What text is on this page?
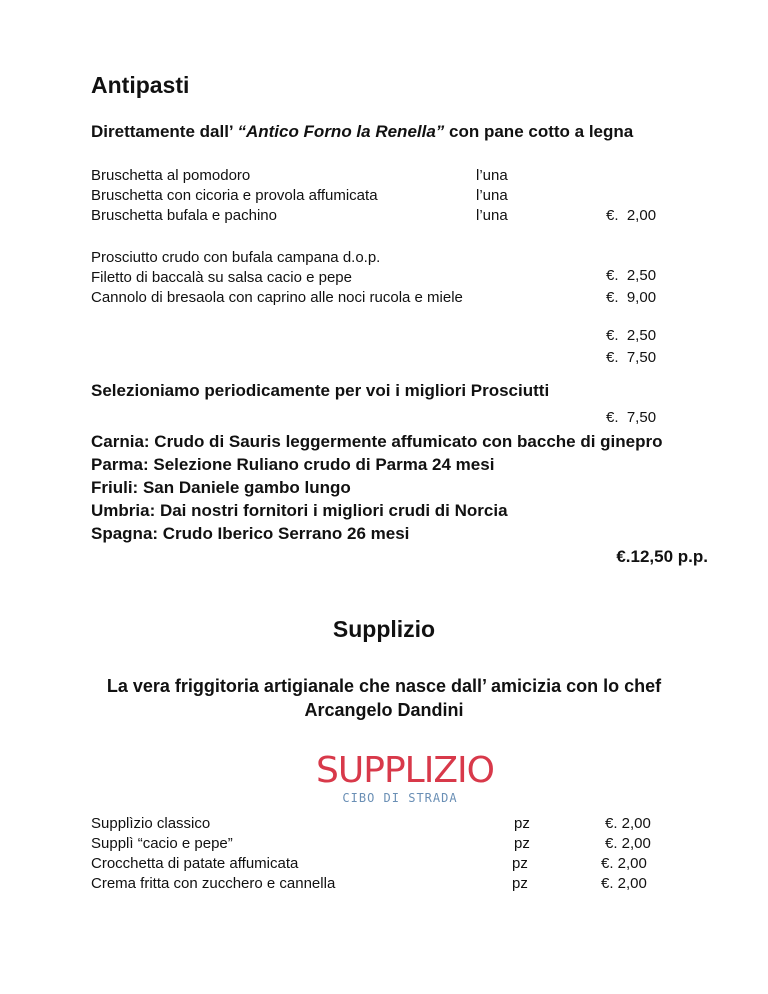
Antipasti
Direttamente dall’ “Antico Forno la Renella” con pane cotto a legna
Bruschetta al pomodoro
Bruschetta con cicoria e provola affumicata
Bruschetta bufala e pachino
l’una
l’una
l’una

	€.  2,00

€.  2,50

€.  2,50

Prosciutto crudo con bufala campana d.o.p.
Filetto di baccalà su salsa cacio e pepe
Cannolo di bresaola con caprino alle noci rucola e miele

	€.  9,00

€.  7,50

€.  7,50

Selezioniamo periodicamente per voi i migliori Prosciutti
Carnia: Crudo di Sauris leggermente affumicato con bacche di ginepro
Parma: Selezione Ruliano crudo di Parma 24 mesi
Friuli: San Daniele gambo lungo
Umbria: Dai nostri fornitori i migliori crudi di Norcia
Spagna: Crudo Iberico Serrano 26 mesi
€.12,50 p.p.
Supplizio
La vera friggitoria artigianale che nasce dall’ amicizia con lo chef
Arcangelo Dandini
SUPPLIZIO
CIBO DI STRADA
Supplìzio classico
Supplì “cacio e pepe”
Crocchetta di patate affumicata
Crema fritta con zucchero e cannella
pz
pz
pz
pz
€. 2,00
€. 2,00
€. 2,00
€. 2,00
